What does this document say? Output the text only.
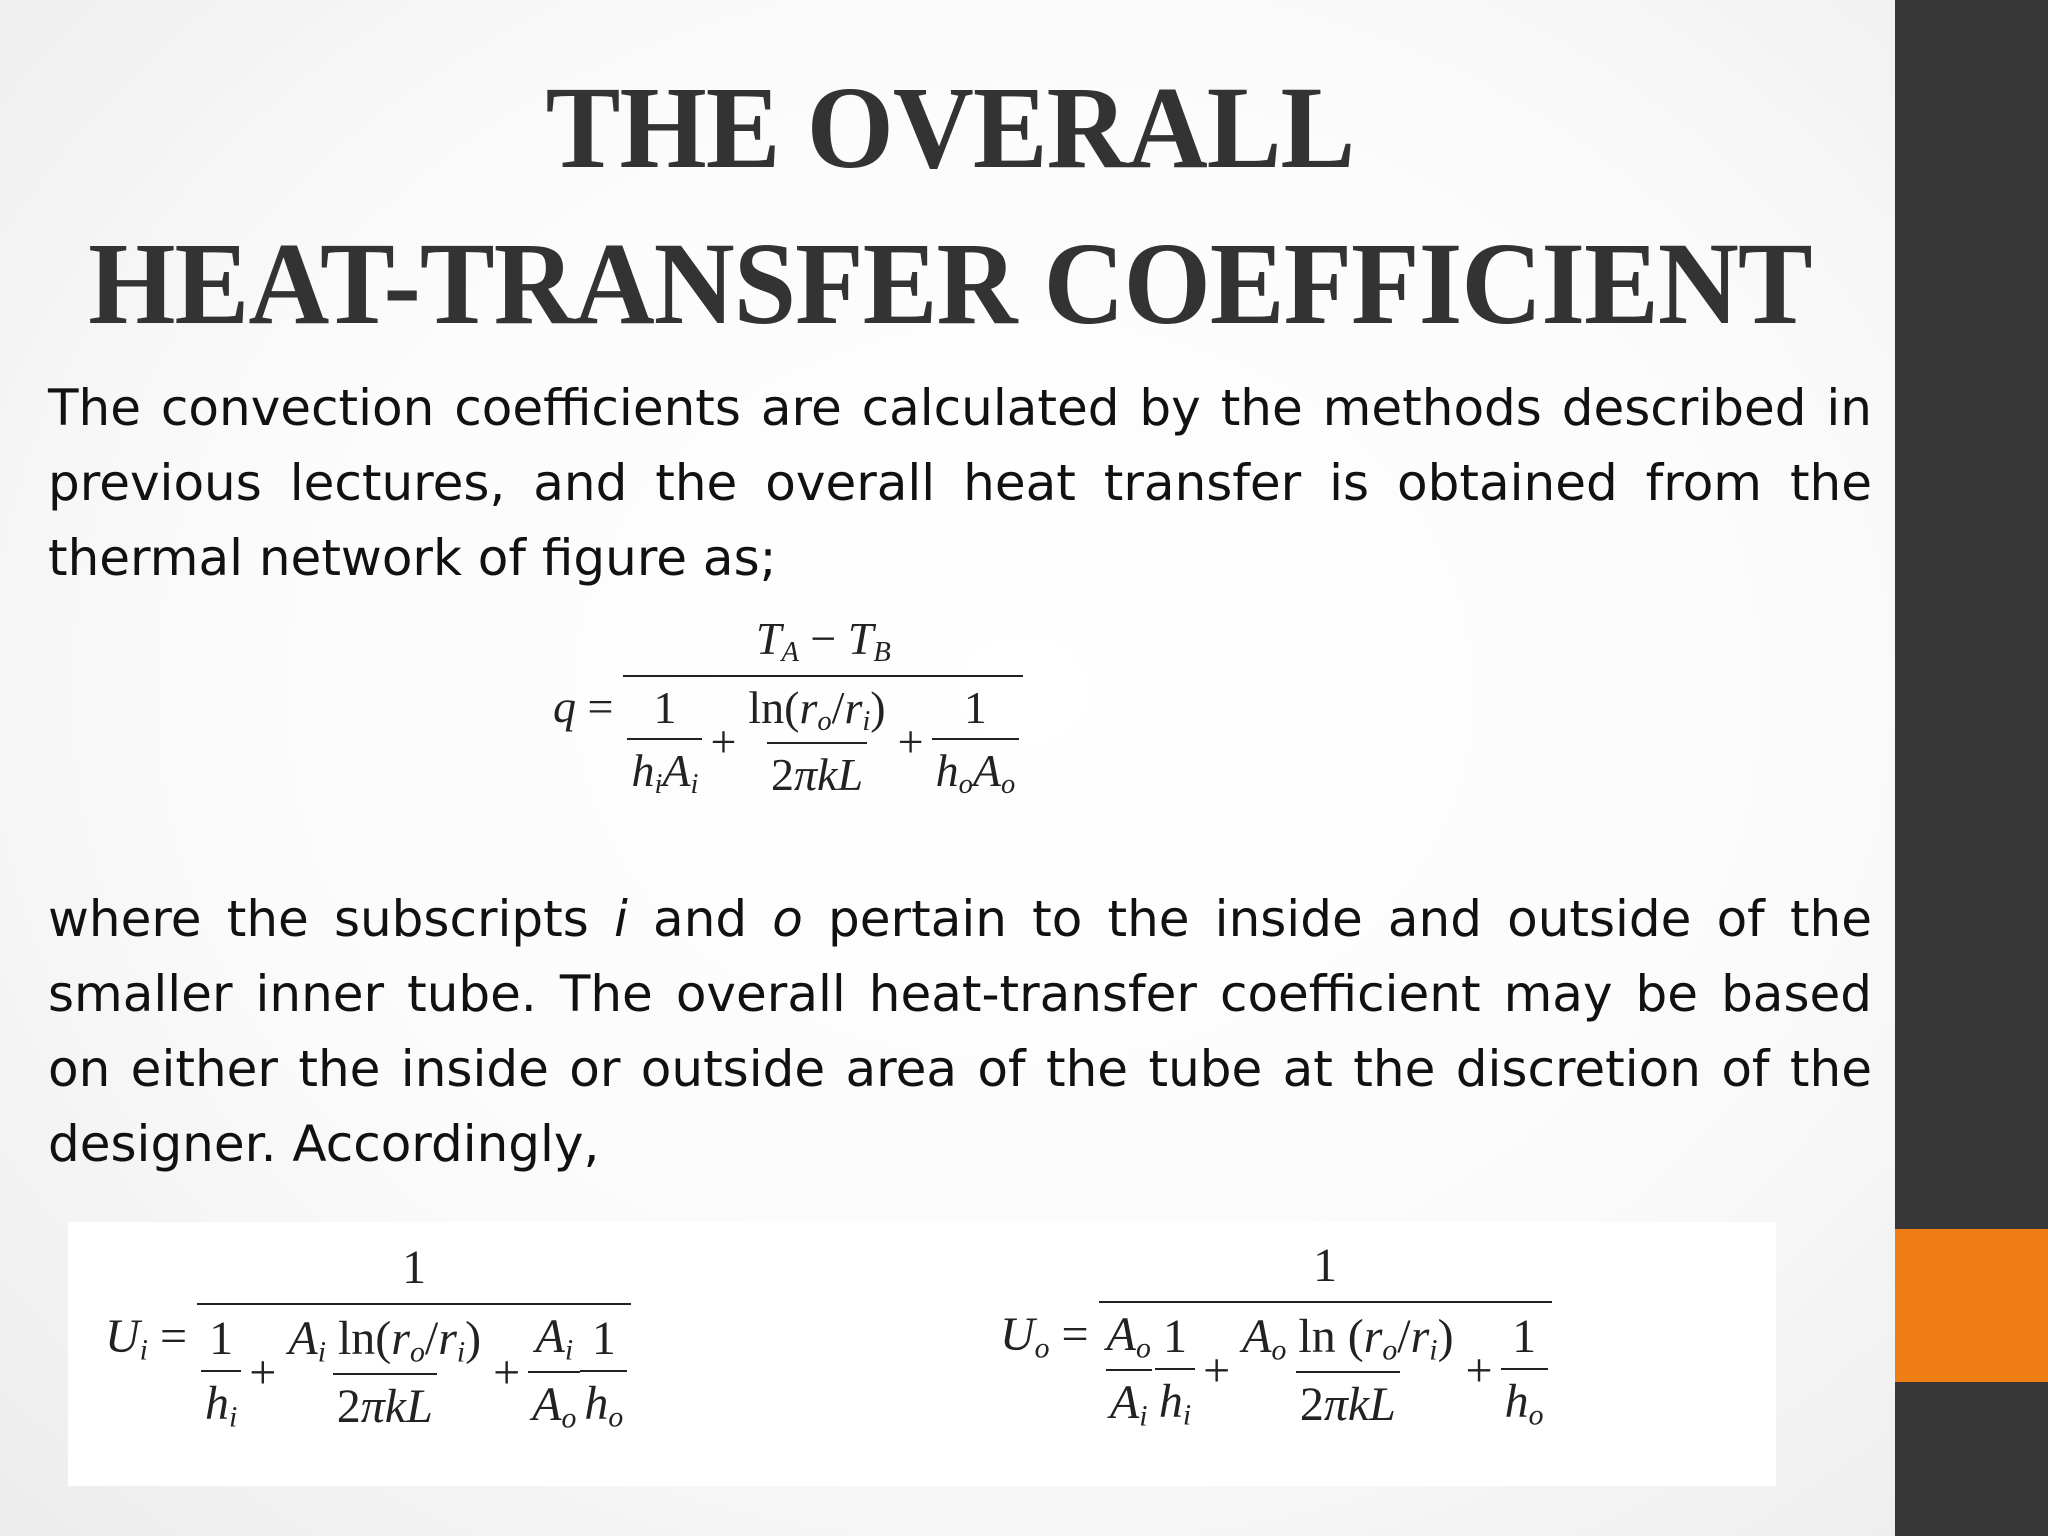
THE OVERALL
HEAT-TRANSFER COEFFICIENT

The convection coefficients are calculated by the methods described in previous lectures, and the overall heat transfer is obtained from the thermal network of figure as;

q =
$T_A - T_B$
$\frac{1}{h_iA_i} + \frac{\ln(r_o/r_i)}{\text{2πkL}} + \frac{1}{h_oA_o}$

where the subscripts i and o pertain to the inside and outside of the smaller inner tube. The overall heat-transfer coefficient may be based on either the inside or outside area of the tube at the discretion of the designer. Accordingly,

$U_i$ =
1
$\frac{1}{h_i} + \frac{A_i \ln(r_o/r_i)}{\text{2πkL}} + \frac{A_i}{A_o} \frac{1}{h_o}$	$U_o$ =
1
$\frac{A_o}{A_i} \frac{1}{h_i} + \frac{A_o \ln (r_o/r_i)}{\text{2πkL}} + \frac{1}{h_o}$
